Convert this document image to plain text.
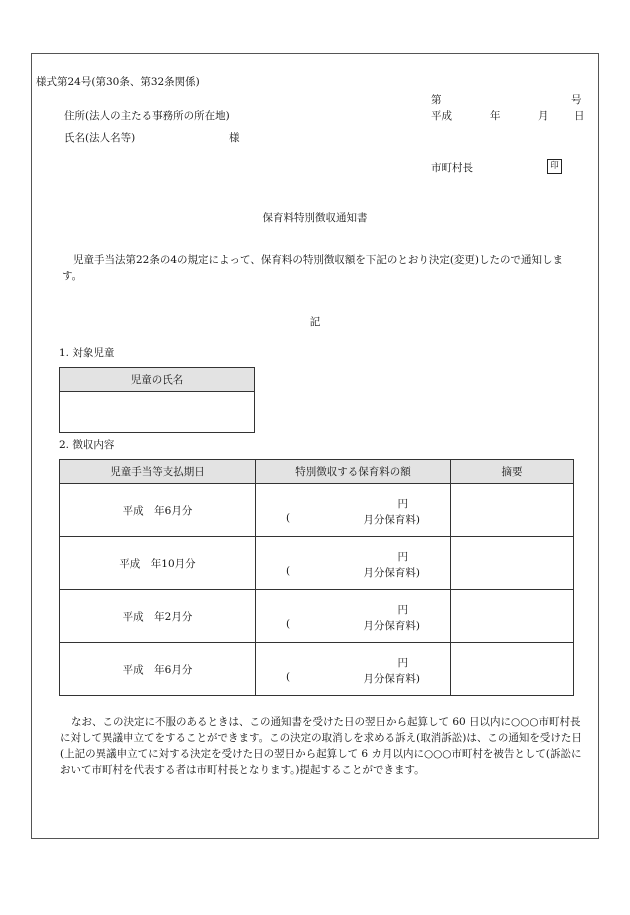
様式第24号(第30条、第32条関係)
第	号
住所(法人の主たる事務所の所在地)	平成	年	月 日
氏名(法人名等)	様
市町村長	印
保育料特別徴収通知書
児童手当法第22条の4の規定によって、保育料の特別徴収額を下記のとおり決定(変更)したので通知します。
記
1. 対象児童
児童の氏名

2. 徴収内容
児童手当等支払期日	特別徴収する保育料の額	摘要
平成　年6月分	円
( 月分保育料)	

平成　年10月分	円
( 月分保育料)	

平成　年2月分	円
( 月分保育料)	

平成　年6月分	円
( 月分保育料)	

なお、この決定に不服のあるときは、この通知書を受けた日の翌日から起算して 60 日以内に○○○市町村長に対して異議申立てをすることができます。この決定の取消しを求める訴え(取消訴訟)は、この通知を受けた日(上記の異議申立てに対する決定を受けた日の翌日から起算して 6 カ月以内に○○○市町村を被告として(訴訟において市町村を代表する者は市町村長となります。)提起することができます。
